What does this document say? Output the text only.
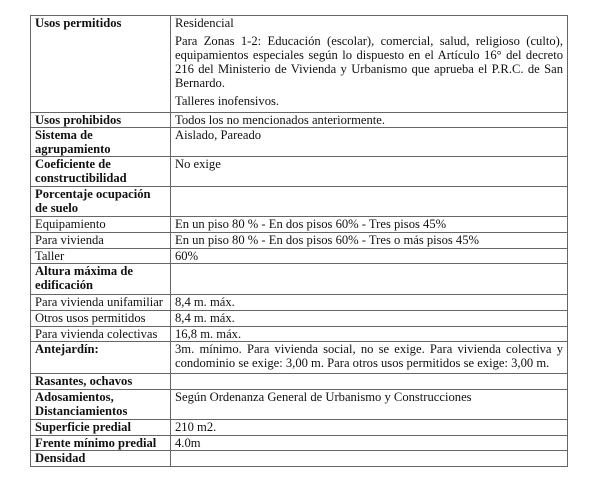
Usos permitidos	Residencial

Para Zonas 1-2: Educación (escolar), comercial, salud, religioso (culto), equipamientos especiales según lo dispuesto en el Artículo 16° del decreto 216 del Ministerio de Vivienda y Urbanismo que aprueba el P.R.C. de San Bernardo.

Talleres inofensivos.

Usos prohibidos	Todos los no mencionados anteriormente.
Sistema de agrupamiento	Aislado, Pareado
Coeficiente de constructibilidad	No exige
Porcentaje ocupación de suelo	
Equipamiento	En un piso 80 % - En dos pisos 60% - Tres pisos 45%
Para vivienda	En un piso 80 % - En dos pisos 60% - Tres o más pisos 45%
Taller	60%
Altura máxima de edificación	
Para vivienda unifamiliar	8,4 m. máx.
Otros usos permitidos	8,4 m. máx.
Para vivienda colectivas	16,8 m. máx.
Antejardín:	3m. mínimo. Para vivienda social, no se exige. Para vivienda colectiva y condominio se exige: 3,00 m. Para otros usos permitidos se exige: 3,00 m.
Rasantes, ochavos	
Adosamientos, Distanciamientos	Según Ordenanza General de Urbanismo y Construcciones
Superficie predial	210 m2.
Frente mínimo predial	4.0m
Densidad	
